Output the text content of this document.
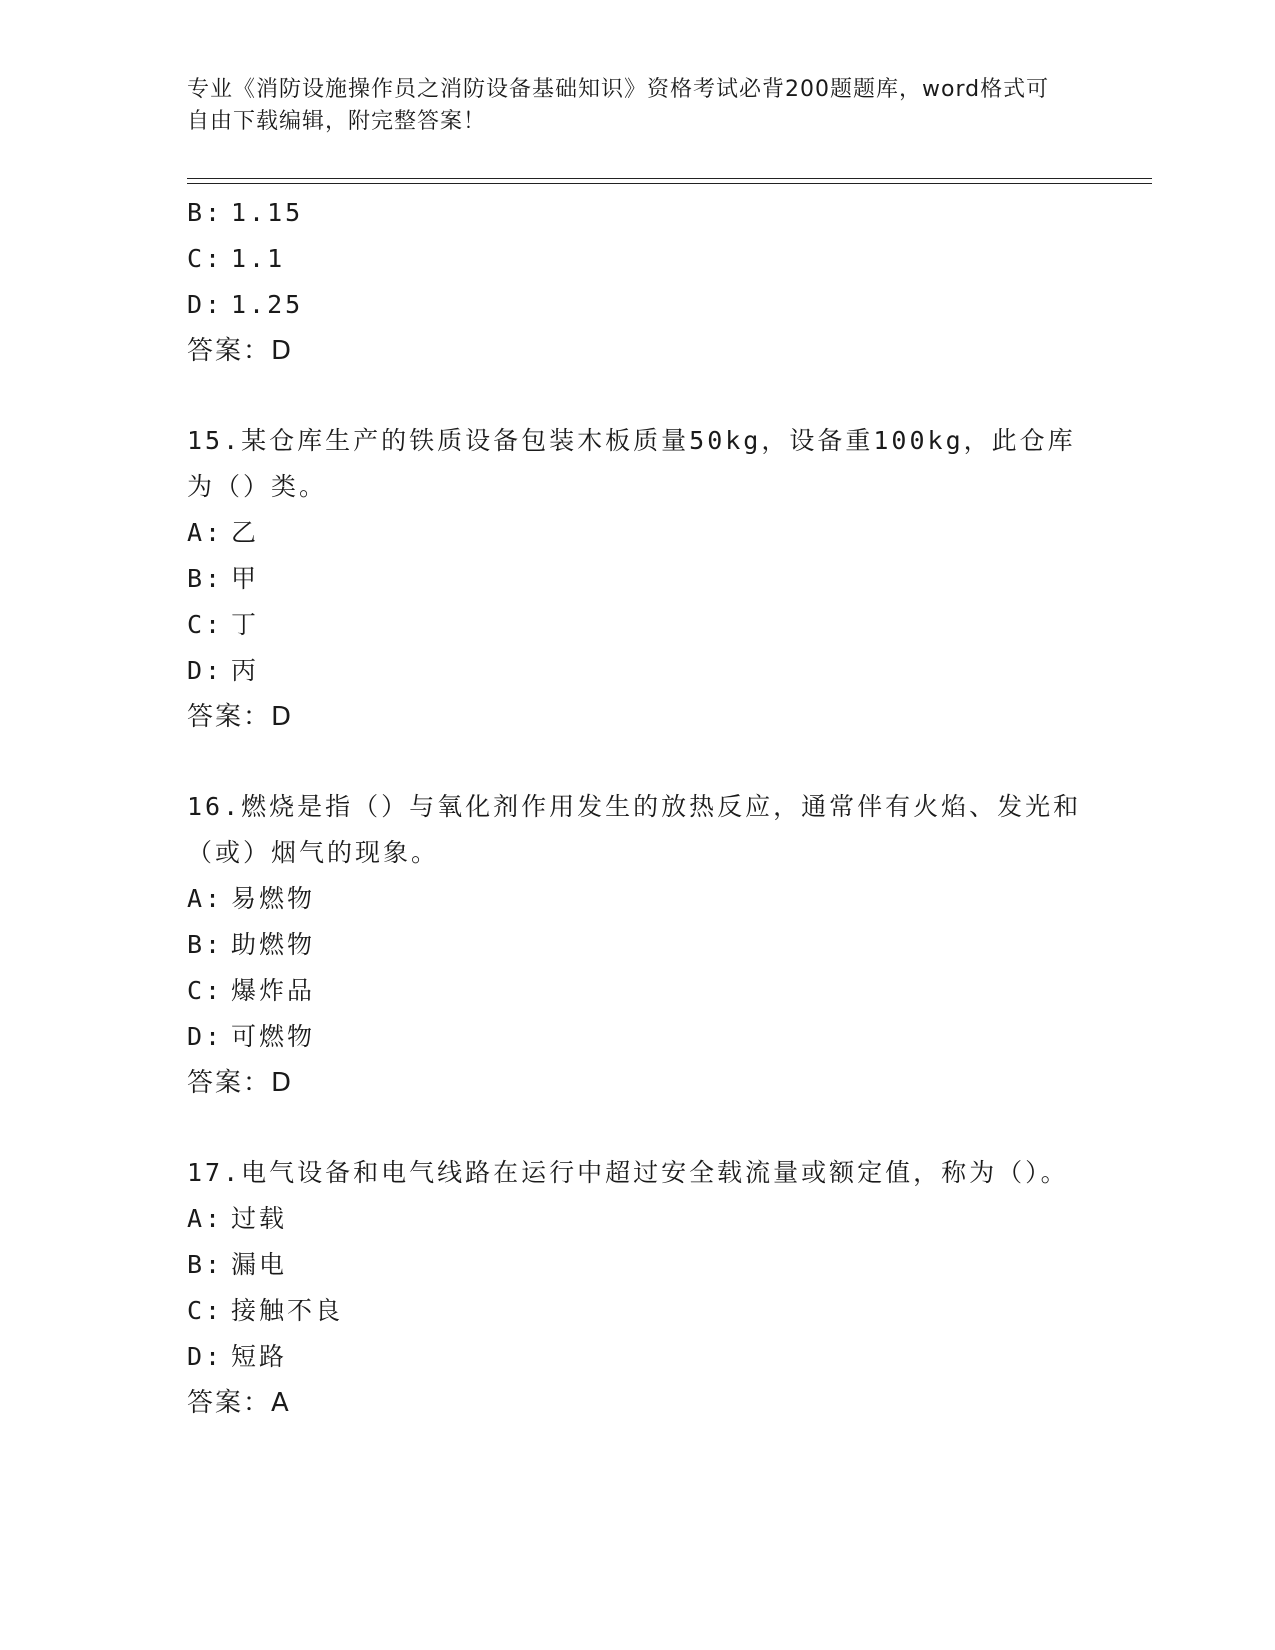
专业《消防设施操作员之消防设备基础知识》资格考试必背200题题库，word格式可自由下载编辑，附完整答案！
B: 1.15
C: 1.1
D: 1.25
答案：D
15.某仓库生产的铁质设备包装木板质量50kg，设备重100kg，此仓库为（）类。
A: 乙
B: 甲
C: 丁
D: 丙
答案：D
16.燃烧是指（）与氧化剂作用发生的放热反应，通常伴有火焰、发光和（或）烟气的现象。
A: 易燃物
B: 助燃物
C: 爆炸品
D: 可燃物
答案：D
17.电气设备和电气线路在运行中超过安全载流量或额定值，称为（）。
A: 过载
B: 漏电
C: 接触不良
D: 短路
答案：A
